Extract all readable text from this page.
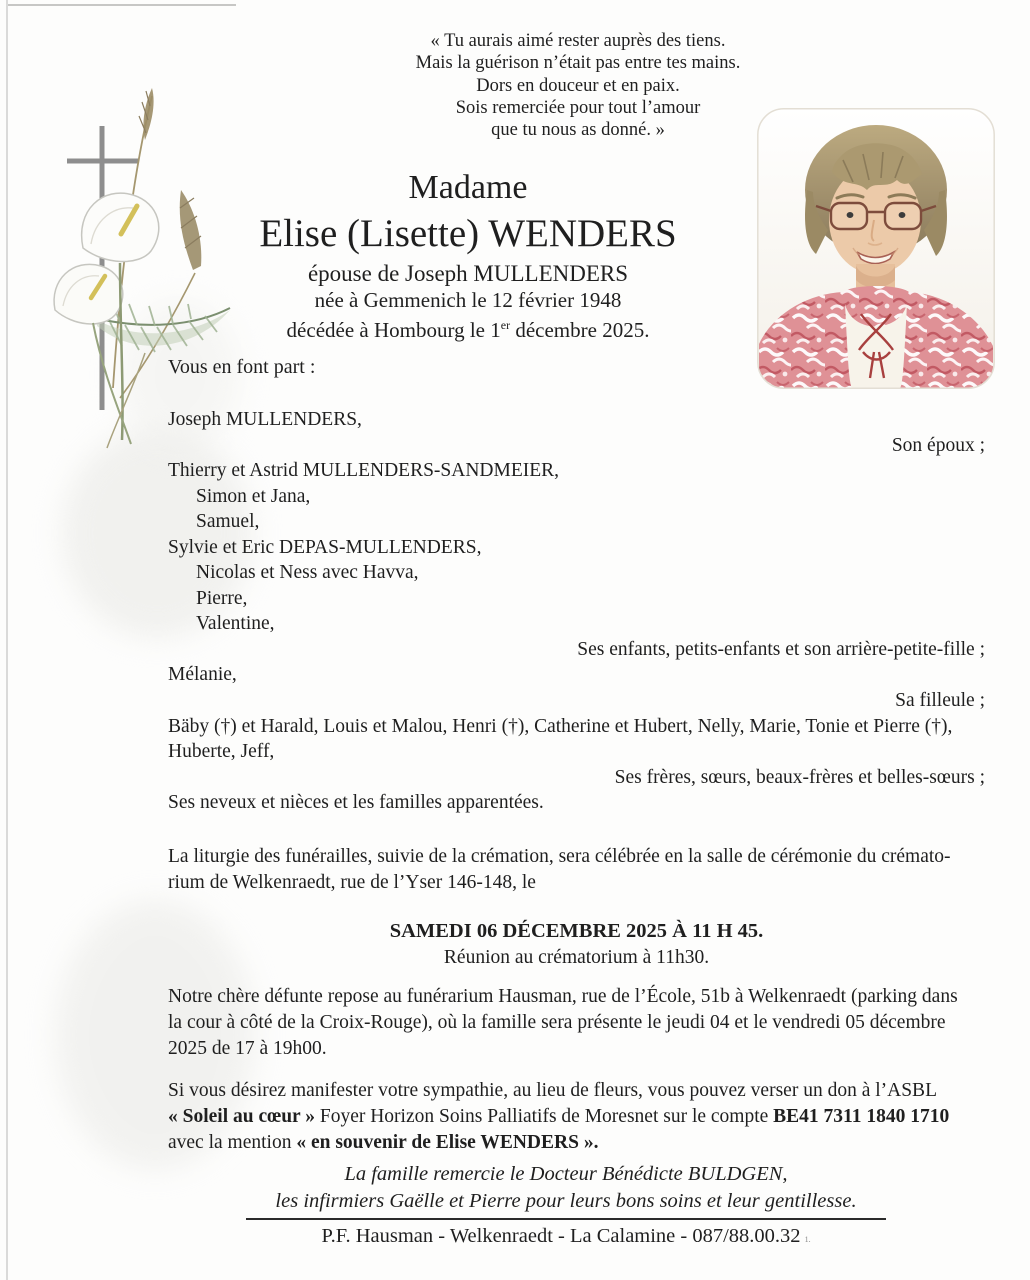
« Tu aurais aimé rester auprès des tiens.
Mais la guérison n’était pas entre tes mains.
Dors en douceur et en paix.
Sois remerciée pour tout l’amour
que tu nous as donné. »
Madame
Elise (Lisette) WENDERS
épouse de Joseph MULLENDERS
née à Gemmenich le 12 février 1948
décédée à Hombourg le 1er décembre 2025.
Vous en font part :
Joseph MULLENDERS,
Son époux ;
Thierry et Astrid MULLENDERS-SANDMEIER,
Simon et Jana,
Samuel,
Sylvie et Eric DEPAS-MULLENDERS,
Nicolas et Ness avec Havva,
Pierre,
Valentine,
Ses enfants, petits-enfants et son arrière-petite-fille ;
Mélanie,
Sa filleule ;
Bäby (†) et Harald, Louis et Malou, Henri (†), Catherine et Hubert, Nelly, Marie, Tonie et Pierre (†),
Huberte, Jeff,
Ses frères, sœurs, beaux-frères et belles-sœurs ;
Ses neveux et nièces et les familles apparentées.
La liturgie des funérailles, suivie de la crémation, sera célébrée en la salle de cérémonie du crémato-
rium de Welkenraedt, rue de l’Yser 146-148, le
SAMEDI 06 DÉCEMBRE 2025 À 11 H 45.
Réunion au crématorium à 11h30.
Notre chère défunte repose au funérarium Hausman, rue de l’École, 51b à Welkenraedt (parking dans
la cour à côté de la Croix-Rouge), où la famille sera présente le jeudi 04 et le vendredi 05 décembre
2025 de 17 à 19h00.
Si vous désirez manifester votre sympathie, au lieu de fleurs, vous pouvez verser un don à l’ASBL
« Soleil au cœur » Foyer Horizon Soins Palliatifs de Moresnet sur le compte BE41 7311 1840 1710
avec la mention « en souvenir de Elise WENDERS ».
La famille remercie le Docteur Bénédicte BULDGEN,
les infirmiers Gaëlle et Pierre pour leurs bons soins et leur gentillesse.
P.F. Hausman - Welkenraedt - La Calamine - 087/88.00.32 1.
